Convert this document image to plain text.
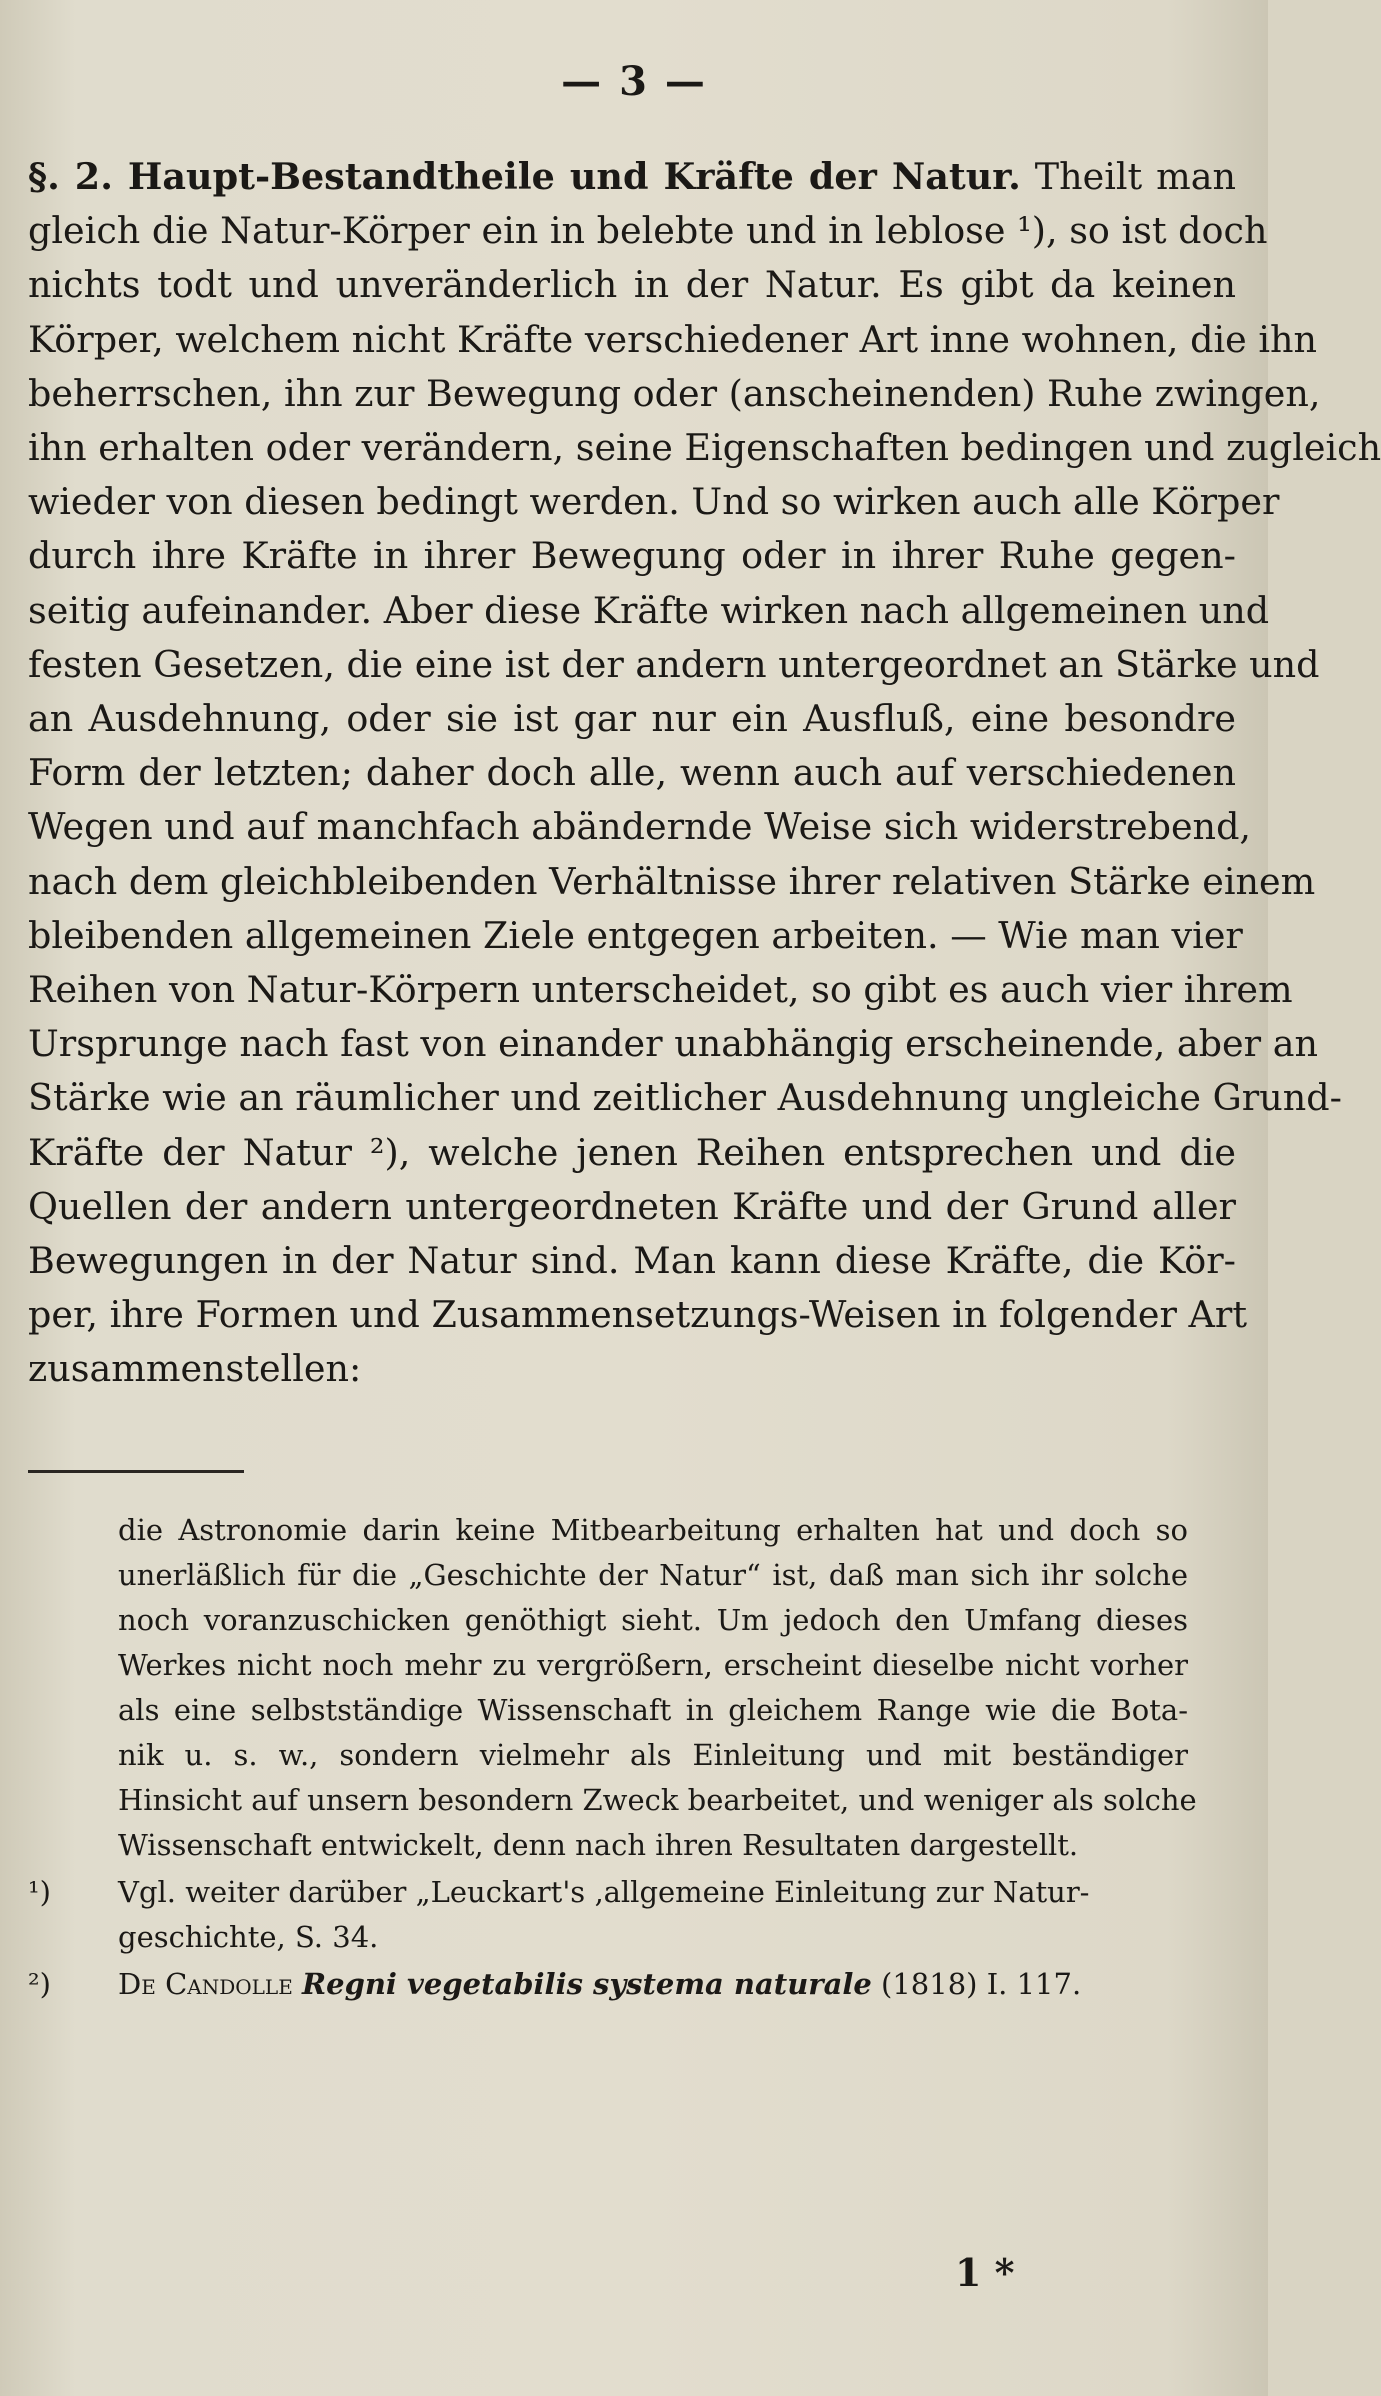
— 3 —
§. 2. Haupt-Bestandtheile und Kräfte der Natur. Theilt man
gleich die Natur-Körper ein in belebte und in leblose ¹), so ist doch
nichts todt und unveränderlich in der Natur. Es gibt da keinen
Körper, welchem nicht Kräfte verschiedener Art inne wohnen, die ihn
beherrschen, ihn zur Bewegung oder (anscheinenden) Ruhe zwingen,
ihn erhalten oder verändern, seine Eigenschaften bedingen und zugleich
wieder von diesen bedingt werden. Und so wirken auch alle Körper
durch ihre Kräfte in ihrer Bewegung oder in ihrer Ruhe gegen-
seitig aufeinander. Aber diese Kräfte wirken nach allgemeinen und
festen Gesetzen, die eine ist der andern untergeordnet an Stärke und
an Ausdehnung, oder sie ist gar nur ein Ausfluß, eine besondre
Form der letzten; daher doch alle, wenn auch auf verschiedenen
Wegen und auf manchfach abändernde Weise sich widerstrebend,
nach dem gleichbleibenden Verhältnisse ihrer relativen Stärke einem
bleibenden allgemeinen Ziele entgegen arbeiten. — Wie man vier
Reihen von Natur-Körpern unterscheidet, so gibt es auch vier ihrem
Ursprunge nach fast von einander unabhängig erscheinende, aber an
Stärke wie an räumlicher und zeitlicher Ausdehnung ungleiche Grund-
Kräfte der Natur ²), welche jenen Reihen entsprechen und die
Quellen der andern untergeordneten Kräfte und der Grund aller
Bewegungen in der Natur sind. Man kann diese Kräfte, die Kör-
per, ihre Formen und Zusammensetzungs-Weisen in folgender Art
zusammenstellen:
die Astronomie darin keine Mitbearbeitung erhalten hat und doch so
unerläßlich für die „Geschichte der Natur“ ist, daß man sich ihr solche
noch voranzuschicken genöthigt sieht. Um jedoch den Umfang dieses
Werkes nicht noch mehr zu vergrößern, erscheint dieselbe nicht vorher
als eine selbstständige Wissenschaft in gleichem Range wie die Bota-
nik u. s. w., sondern vielmehr als Einleitung und mit beständiger
Hinsicht auf unsern besondern Zweck bearbeitet, und weniger als solche
Wissenschaft entwickelt, denn nach ihren Resultaten dargestellt.
¹)	Vgl. weiter darüber „Leuckart's ‚allgemeine Einleitung zur Natur-
geschichte, S. 34.
²)	De Candolle Regni vegetabilis systema naturale (1818) I. 117.
1 *
